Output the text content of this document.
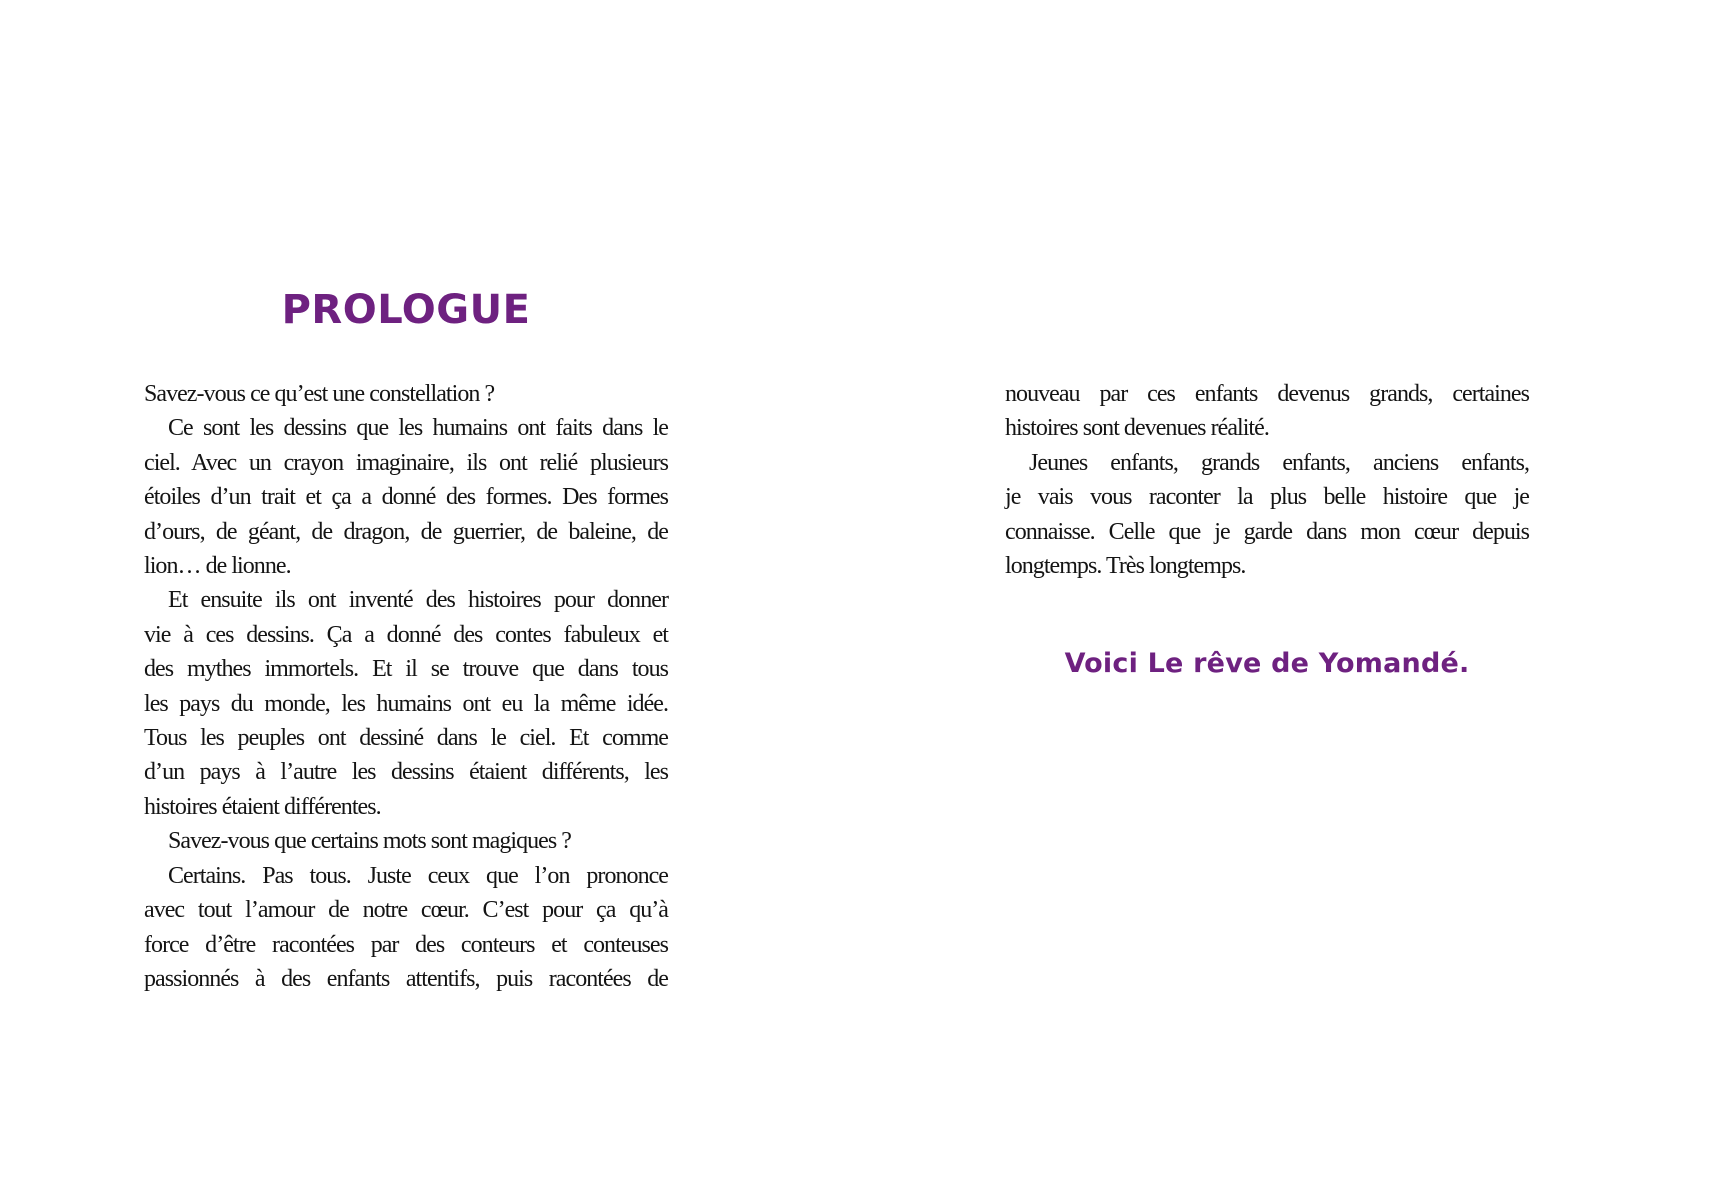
PROLOGUE
Savez-vous ce qu’est une constellation ?
Ce sont les dessins que les humains ont faits dans le
ciel. Avec un crayon imaginaire, ils ont relié plusieurs
étoiles d’un trait et ça a donné des formes. Des formes
d’ours, de géant, de dragon, de guerrier, de baleine, de
lion… de lionne.
Et ensuite ils ont inventé des histoires pour donner
vie à ces dessins. Ça a donné des contes fabuleux et
des mythes immortels. Et il se trouve que dans tous
les pays du monde, les humains ont eu la même idée.
Tous les peuples ont dessiné dans le ciel. Et comme
d’un pays à l’autre les dessins étaient différents, les
histoires étaient différentes.
Savez-vous que certains mots sont magiques ?
Certains. Pas tous. Juste ceux que l’on prononce
avec tout l’amour de notre cœur. C’est pour ça qu’à
force d’être racontées par des conteurs et conteuses
passionnés à des enfants attentifs, puis racontées de
nouveau par ces enfants devenus grands, certaines
histoires sont devenues réalité.
Jeunes enfants, grands enfants, anciens enfants,
je vais vous raconter la plus belle histoire que je
connaisse. Celle que je garde dans mon cœur depuis
longtemps. Très longtemps.
Voici Le rêve de Yomandé.
